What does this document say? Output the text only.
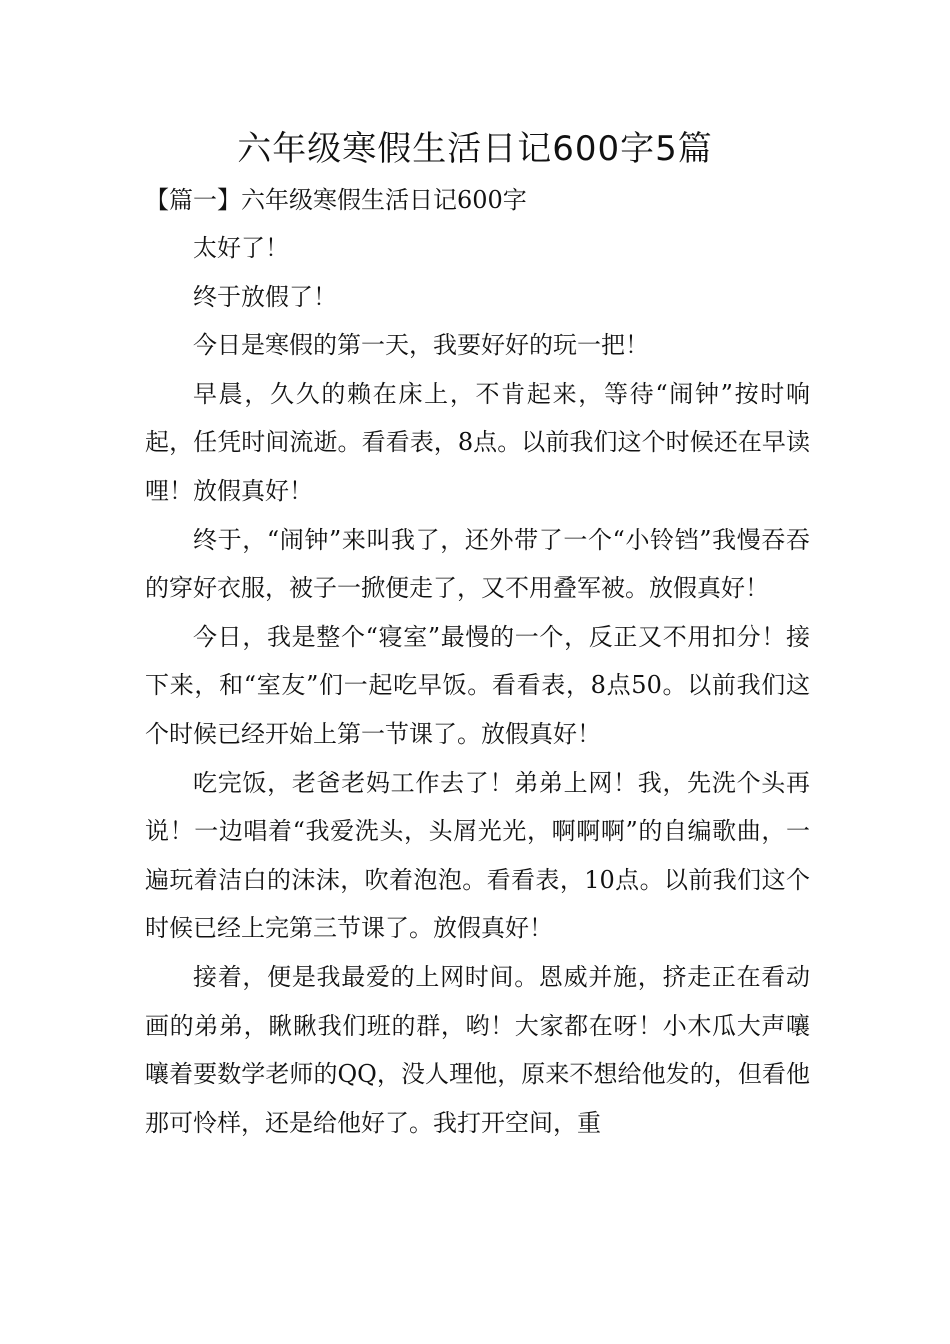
六年级寒假生活日记600字5篇
【篇一】六年级寒假生活日记600字

太好了！

终于放假了！

今日是寒假的第一天，我要好好的玩一把！

早晨，久久的赖在床上，不肯起来，等待“闹钟”按时响起，任凭时间流逝。看看表，8点。以前我们这个时候还在早读哩！放假真好！

终于，“闹钟”来叫我了，还外带了一个“小铃铛”我慢吞吞的穿好衣服，被子一掀便走了，又不用叠军被。放假真好！

今日，我是整个“寝室”最慢的一个，反正又不用扣分！接下来，和“室友”们一起吃早饭。看看表，8点50。以前我们这个时候已经开始上第一节课了。放假真好！

吃完饭，老爸老妈工作去了！弟弟上网！我，先洗个头再说！一边唱着“我爱洗头，头屑光光，啊啊啊”的自编歌曲，一遍玩着洁白的沫沫，吹着泡泡。看看表，10点。以前我们这个时候已经上完第三节课了。放假真好！

接着，便是我最爱的上网时间。恩威并施，挤走正在看动画的弟弟，瞅瞅我们班的群，哟！大家都在呀！小木瓜大声嚷嚷着要数学老师的QQ，没人理他，原来不想给他发的，但看他那可怜样，还是给他好了。我打开空间，重
